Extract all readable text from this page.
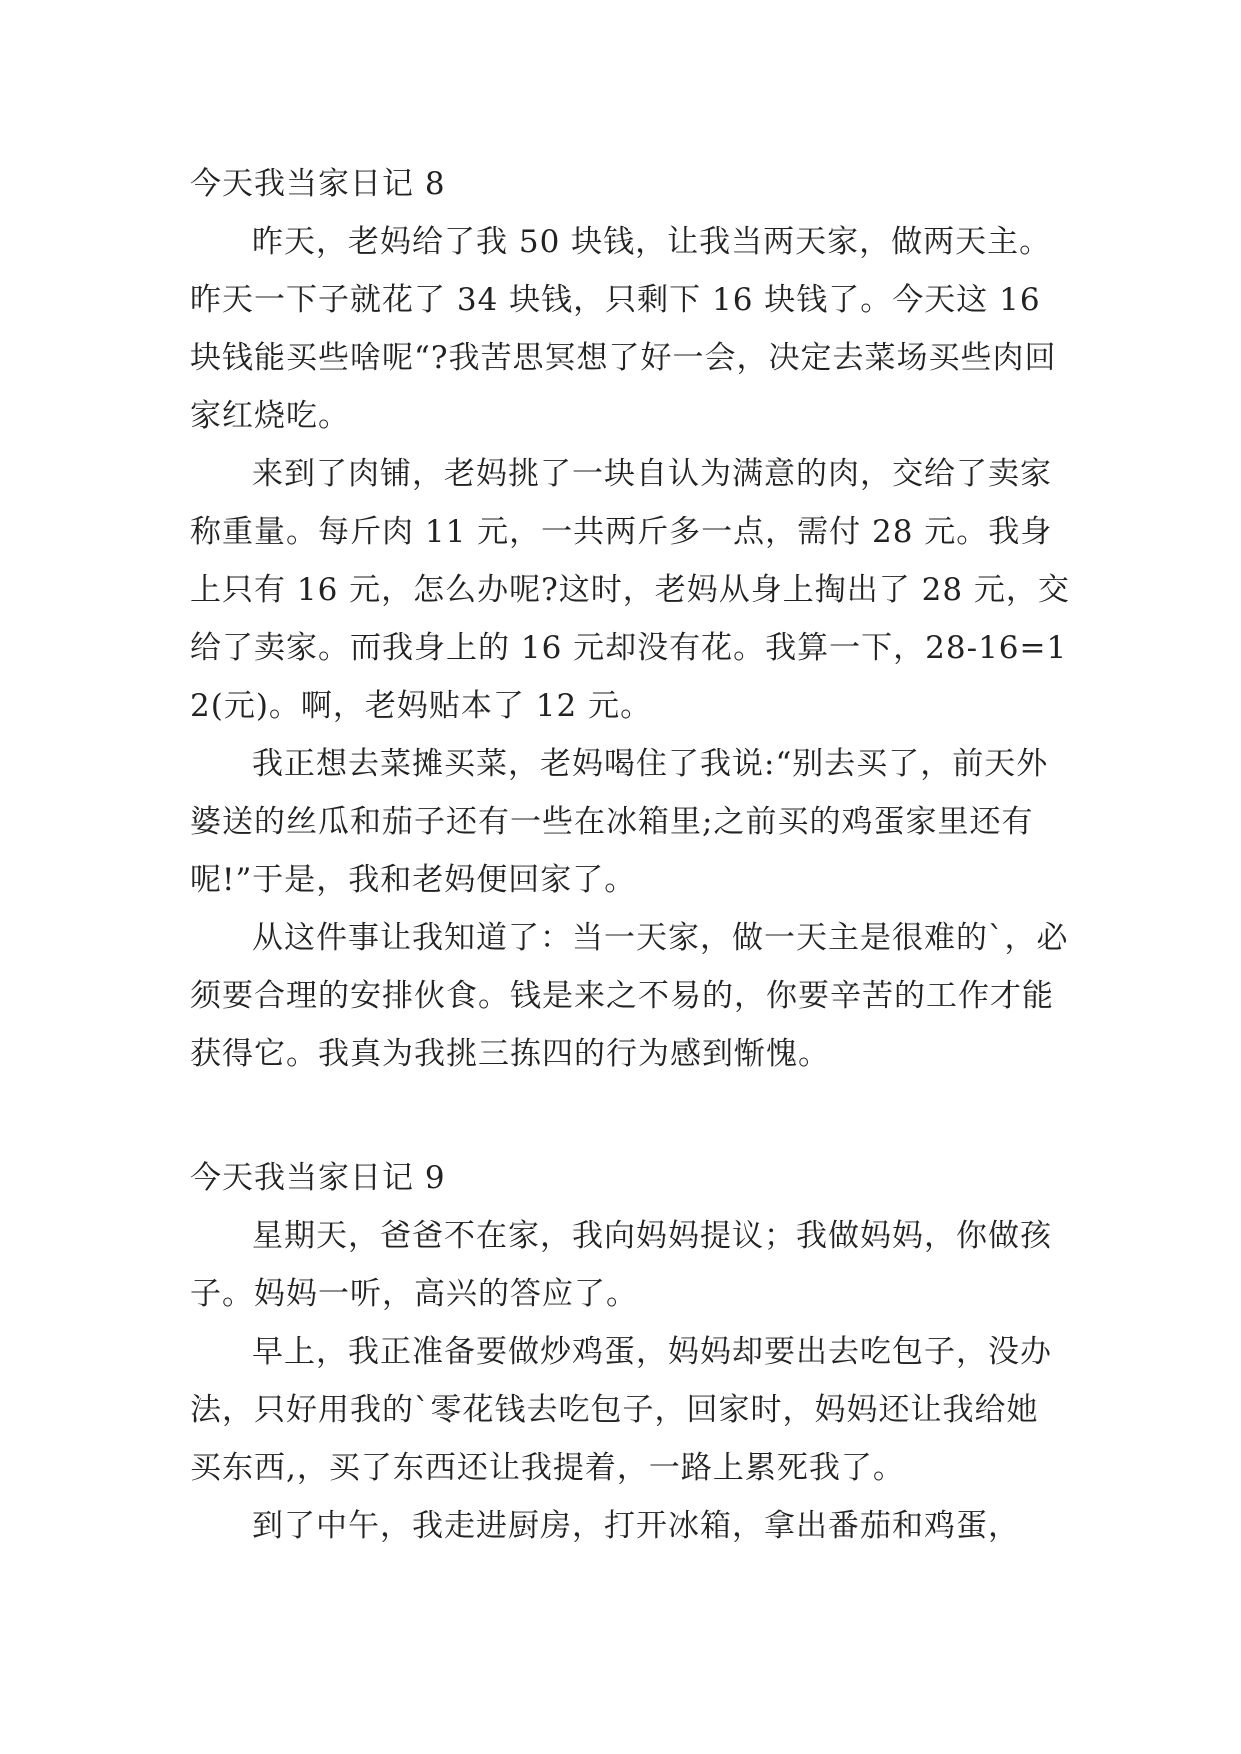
今天我当家日记 8

昨天，老妈给了我 50 块钱，让我当两天家，做两天主。昨天一下子就花了 34 块钱，只剩下 16 块钱了。今天这 16 块钱能买些啥呢“?我苦思冥想了好一会，决定去菜场买些肉回家红烧吃。

来到了肉铺，老妈挑了一块自认为满意的肉，交给了卖家称重量。每斤肉 11 元，一共两斤多一点，需付 28 元。我身上只有 16 元，怎么办呢?这时，老妈从身上掏出了 28 元，交给了卖家。而我身上的 16 元却没有花。我算一下，28-16=12(元)。啊，老妈贴本了 12 元。

我正想去菜摊买菜，老妈喝住了我说:“别去买了，前天外婆送的丝瓜和茄子还有一些在冰箱里;之前买的鸡蛋家里还有呢!”于是，我和老妈便回家了。

从这件事让我知道了：当一天家，做一天主是很难的`，必须要合理的安排伙食。钱是来之不易的，你要辛苦的工作才能获得它。我真为我挑三拣四的行为感到惭愧。

今天我当家日记 9

星期天，爸爸不在家，我向妈妈提议；我做妈妈，你做孩子。妈妈一听，高兴的答应了。

早上，我正准备要做炒鸡蛋，妈妈却要出去吃包子，没办法，只好用我的`零花钱去吃包子，回家时，妈妈还让我给她买东西,，买了东西还让我提着，一路上累死我了。

到了中午，我走进厨房，打开冰箱，拿出番茄和鸡蛋，
